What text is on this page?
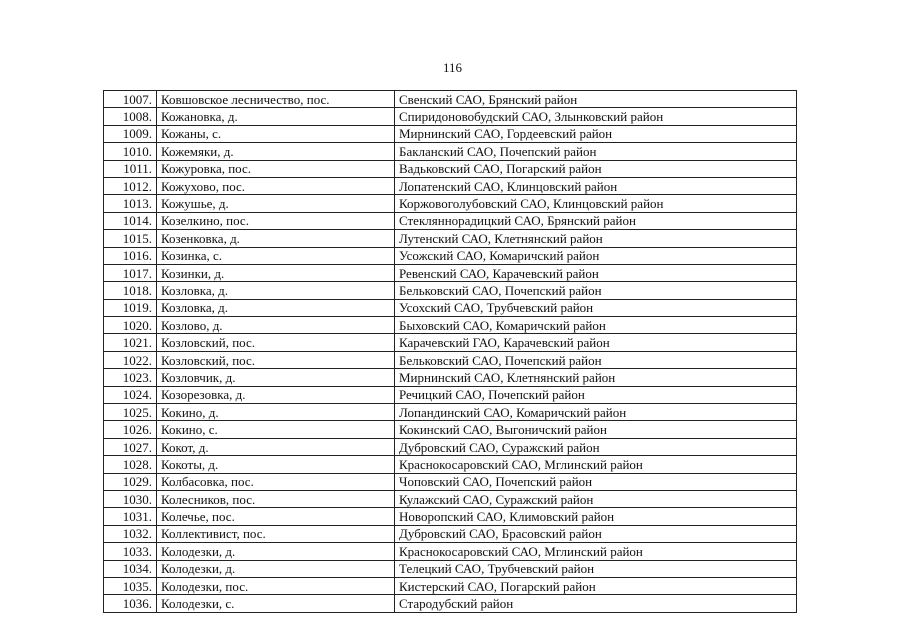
116
1007.	Ковшовское лесничество, пос.	Свенский САО, Брянский район
1008.	Кожановка, д.	Спиридоновобудский САО, Злынковский район
1009.	Кожаны, с.	Мирнинский САО, Гордеевский район
1010.	Кожемяки, д.	Бакланский САО, Почепский район
1011.	Кожуровка, пос.	Вадьковский САО, Погарский район
1012.	Кожухово, пос.	Лопатенский САО, Клинцовский район
1013.	Кожушье, д.	Коржовоголубовский САО, Клинцовский район
1014.	Козелкино, пос.	Стекляннорадицкий САО, Брянский район
1015.	Козенковка, д.	Лутенский САО, Клетнянский район
1016.	Козинка, с.	Усожский САО, Комаричский район
1017.	Козинки, д.	Ревенский САО, Карачевский район
1018.	Козловка, д.	Бельковский САО, Почепский район
1019.	Козловка, д.	Усохский САО, Трубчевский район
1020.	Козлово, д.	Быховский САО, Комаричский район
1021.	Козловский, пос.	Карачевский ГАО, Карачевский район
1022.	Козловский, пос.	Бельковский САО, Почепский район
1023.	Козловчик, д.	Мирнинский САО, Клетнянский район
1024.	Козорезовка, д.	Речицкий САО, Почепский район
1025.	Кокино, д.	Лопандинский САО, Комаричский район
1026.	Кокино, с.	Кокинский САО, Выгоничский район
1027.	Кокот, д.	Дубровский САО, Суражский район
1028.	Кокоты, д.	Краснокосаровский САО, Мглинский район
1029.	Колбасовка, пос.	Чоповский САО, Почепский район
1030.	Колесников, пос.	Кулажский САО, Суражский район
1031.	Колечье, пос.	Новоропский САО, Климовский район
1032.	Коллективист, пос.	Дубровский САО, Брасовский район
1033.	Колодезки, д.	Краснокосаровский САО, Мглинский район
1034.	Колодезки, д.	Телецкий САО, Трубчевский район
1035.	Колодезки, пос.	Кистерский САО, Погарский район
1036.	Колодезки, с.	Стародубский район
